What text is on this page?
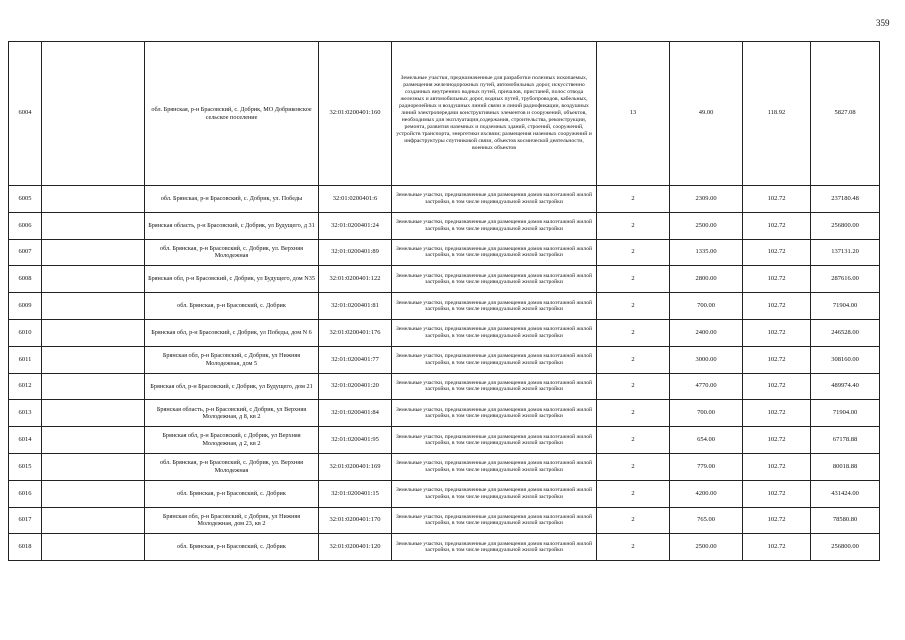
359
6004		обл. Брянская, р-н Брасовский, с. Добрик, МО Добриковское сельское поселение	32:01:0200401:160	Земельные участки, предназначенные для разработки полезных ископаемых, размещения железнодорожных путей, автомобильных дорог, искусственно созданных внутренних водных путей, причалов, пристаней, полос отвода железных и автомобильных дорог, водных путей, трубопроводов, кабельных, радиорелейных и воздушных линий связи и линий радиофикации, воздушных линий электропередачи конструктивных элементов и сооружений, объектов, необходимых для эксплуатации,содержания, строительства, реконструкции, ремонта, развития наземных и подземных зданий, строений, сооружений, устройств транспорта, энергетики ихсвязи; размещения наземных сооружений и инфраструктуры спутниковой связи, объектов космической деятельности, военных объектов	13	49.00	118.92	5827.08
6005		обл. Брянская, р-н Брасовский, с. Добрик, ул. Победы	32:01:0200401:6	Земельные участки, предназначенные для размещения домов малоэтажной жилой застройки, в том числе индивидуальной жилой застройки	2	2309.00	102.72	237180.48
6006		Брянская область, р-н Брасовский, с Добрик, ул Будущего, д 31	32:01:0200401:24	Земельные участки, предназначенные для размещения домов малоэтажной жилой застройки, в том числе индивидуальной жилой застройки	2	2500.00	102.72	256800.00
6007		обл. Брянская, р-н Брасовский, с. Добрик, ул. Верхняя Молодежная	32:01:0200401:89	Земельные участки, предназначенные для размещения домов малоэтажной жилой застройки, в том числе индивидуальной жилой застройки	2	1335.00	102.72	137131.20
6008		Брянская обл, р-н Брасовский, с Добрик, ул Будущего, дом N35	32:01:0200401:122	Земельные участки, предназначенные для размещения домов малоэтажной жилой застройки, в том числе индивидуальной жилой застройки	2	2800.00	102.72	287616.00
6009		обл. Брянская, р-н Брасовский, с. Добрик	32:01:0200401:81	Земельные участки, предназначенные для размещения домов малоэтажной жилой застройки, в том числе индивидуальной жилой застройки	2	700.00	102.72	71904.00
6010		Брянская обл, р-н Брасовский, с Добрик, ул Победы, дом N 6	32:01:0200401:176	Земельные участки, предназначенные для размещения домов малоэтажной жилой застройки, в том числе индивидуальной жилой застройки	2	2400.00	102.72	246528.00
6011		Брянская обл, р-н Брасовский, с Добрик, ул Нижняя Молодежная, дом 5	32:01:0200401:77	Земельные участки, предназначенные для размещения домов малоэтажной жилой застройки, в том числе индивидуальной жилой застройки	2	3000.00	102.72	308160.00
6012		Брянская обл, р-н Брасовский, с Добрик, ул Будущего, дом 21	32:01:0200401:20	Земельные участки, предназначенные для размещения домов малоэтажной жилой застройки, в том числе индивидуальной жилой застройки	2	4770.00	102.72	489974.40
6013		Брянская область, р-н Брасовский, с Добрик, ул Верхняя Молодежная, д 8, кв 2	32:01:0200401:84	Земельные участки, предназначенные для размещения домов малоэтажной жилой застройки, в том числе индивидуальной жилой застройки	2	700.00	102.72	71904.00
6014		Брянская обл, р-н Брасовский, с Добрик, ул Верхняя Молодежная, д 2, кв 2	32:01:0200401:95	Земельные участки, предназначенные для размещения домов малоэтажной жилой застройки, в том числе индивидуальной жилой застройки	2	654.00	102.72	67178.88
6015		обл. Брянская, р-н Брасовский, с. Добрик, ул. Верхняя Молодежная	32:01:0200401:169	Земельные участки, предназначенные для размещения домов малоэтажной жилой застройки, в том числе индивидуальной жилой застройки	2	779.00	102.72	80018.88
6016		обл. Брянская, р-н Брасовский, с. Добрик	32:01:0200401:15	Земельные участки, предназначенные для размещения домов малоэтажной жилой застройки, в том числе индивидуальной жилой застройки	2	4200.00	102.72	431424.00
6017		Брянская обл, р-н Брасовский, с Добрик, ул Нижняя Молодежная, дом 23, кв 2	32:01:0200401:170	Земельные участки, предназначенные для размещения домов малоэтажной жилой застройки, в том числе индивидуальной жилой застройки	2	765.00	102.72	78580.80
6018		обл. Брянская, р-н Брасовский, с. Добрик	32:01:0200401:120	Земельные участки, предназначенные для размещения домов малоэтажной жилой застройки, в том числе индивидуальной жилой застройки	2	2500.00	102.72	256800.00
